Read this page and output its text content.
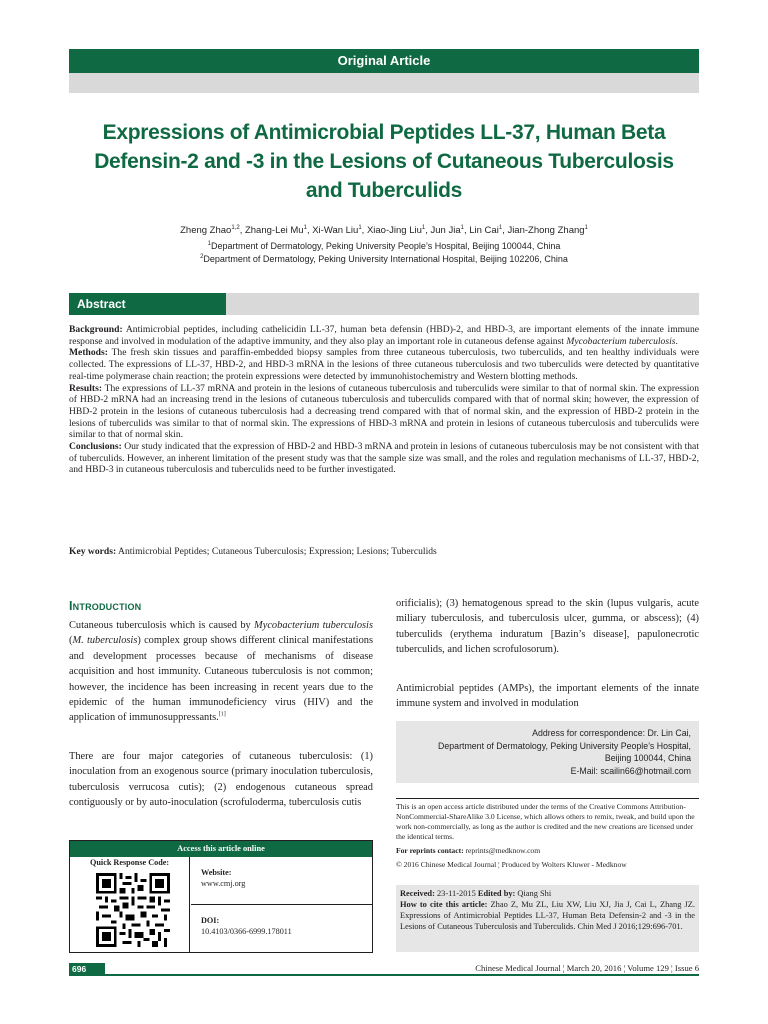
Original Article
Expressions of Antimicrobial Peptides LL-37, Human Beta
Defensin-2 and -3 in the Lesions of Cutaneous Tuberculosis
and Tuberculids
Zheng Zhao$^{1,2}$, Zhang-Lei Mu$^1$, Xi-Wan Liu$^1$, Xiao-Jing Liu$^1$, Jun Jia$^1$, Lin Cai$^1$, Jian-Zhong Zhang$^1$
$^1$Department of Dermatology, Peking University People’s Hospital, Beijing 100044, China
$^2$Department of Dermatology, Peking University International Hospital, Beijing 102206, China
Abstract

Background: Antimicrobial peptides, including cathelicidin LL-37, human beta defensin (HBD)-2, and HBD-3, are important elements of the innate immune response and involved in modulation of the adaptive immunity, and they also play an important role in cutaneous defense against Mycobacterium tuberculosis.

Methods: The fresh skin tissues and paraffin-embedded biopsy samples from three cutaneous tuberculosis, two tuberculids, and ten healthy individuals were collected. The expressions of LL-37, HBD-2, and HBD-3 mRNA in the lesions of three cutaneous tuberculosis and two tuberculids were detected by quantitative real-time polymerase chain reaction; the protein expressions were detected by immunohistochemistry and Western blotting methods.

Results: The expressions of LL-37 mRNA and protein in the lesions of cutaneous tuberculosis and tuberculids were similar to that of normal skin. The expression of HBD-2 mRNA had an increasing trend in the lesions of cutaneous tuberculosis and tuberculids compared with that of normal skin; however, the expression of HBD-2 protein in the lesions of cutaneous tuberculosis had a decreasing trend compared with that of normal skin, and the expression of HBD-2 protein in the lesions of tuberculids was similar to that of normal skin. The expressions of HBD-3 mRNA and protein in lesions of cutaneous tuberculosis and tuberculids were similar to that of normal skin.

Conclusions: Our study indicated that the expression of HBD-2 and HBD-3 mRNA and protein in lesions of cutaneous tuberculosis may be not consistent with that of tuberculids. However, an inherent limitation of the present study was that the sample size was small, and the roles and regulation mechanisms of LL-37, HBD-2, and HBD-3 in cutaneous tuberculosis and tuberculids need to be further investigated.

Key words: Antimicrobial Peptides; Cutaneous Tuberculosis; Expression; Lesions; Tuberculids
Introduction

Cutaneous tuberculosis which is caused by Mycobacterium tuberculosis (M. tuberculosis) complex group shows different clinical manifestations and development processes because of mechanisms of disease acquisition and host immunity. Cutaneous tuberculosis is not common; however, the incidence has been increasing in recent years due to the epidemic of the human immunodeficiency virus (HIV) and the application of immunosuppressants.[1]

There are four major categories of cutaneous tuberculosis: (1) inoculation from an exogenous source (primary inoculation tuberculosis, tuberculosis verrucosa cutis); (2) endogenous cutaneous spread contiguously or by auto-inoculation (scrofuloderma, tuberculosis cutis

orificialis); (3) hematogenous spread to the skin (lupus vulgaris, acute miliary tuberculosis, and tuberculosis ulcer, gumma, or abscess); (4) tuberculids (erythema induratum [Bazin’s disease], papulonecrotic tuberculids, and lichen scrofulosorum).

Antimicrobial peptides (AMPs), the important elements of the innate immune system and involved in modulation

Address for correspondence: Dr. Lin Cai,
Department of Dermatology, Peking University People’s Hospital,
Beijing 100044, China
E-Mail: scailin66@hotmail.com

This is an open access article distributed under the terms of the Creative Commons Attribution-NonCommercial-ShareAlike 3.0 License, which allows others to remix, tweak, and build upon the work non-commercially, as long as the author is credited and the new creations are licensed under the identical terms.

For reprints contact: reprints@medknow.com

© 2016 Chinese Medical Journal ¦ Produced by Wolters Kluwer - Medknow

Received: 23-11-2015 Edited by: Qiang Shi
How to cite this article: Zhao Z, Mu ZL, Liu XW, Liu XJ, Jia J, Cai L, Zhang JZ. Expressions of Antimicrobial Peptides LL-37, Human Beta Defensin-2 and -3 in the Lesions of Cutaneous Tuberculosis and Tuberculids. Chin Med J 2016;129:696-701.
Access this article online
Quick Response Code:
Website:
www.cmj.org
DOI:
10.4103/0366-6999.178011
696	Chinese Medical Journal ¦ March 20, 2016 ¦ Volume 129 ¦ Issue 6
